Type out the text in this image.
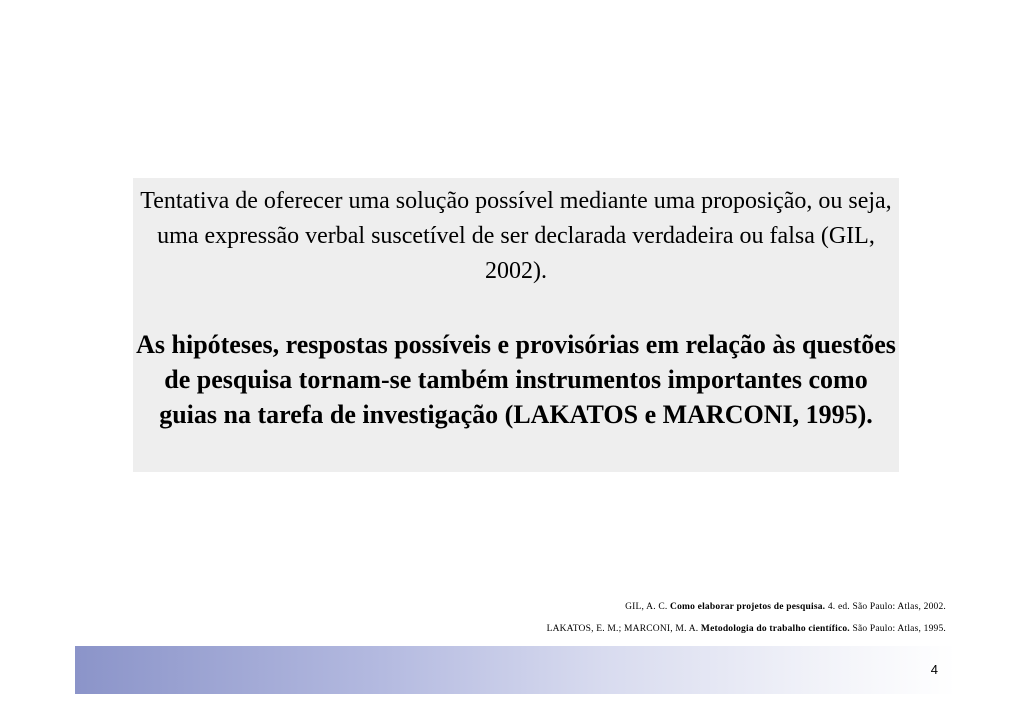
Tentativa de oferecer uma solução possível mediante uma proposição, ou seja, uma expressão verbal suscetível de ser declarada verdadeira ou falsa (GIL, 2002).

As hipóteses, respostas possíveis e provisórias em relação às questões de pesquisa tornam-se também instrumentos importantes como guias na tarefa de investigação (LAKATOS e MARCONI, 1995).

GIL, A. C. Como elaborar projetos de pesquisa. 4. ed. São Paulo: Atlas, 2002.

LAKATOS, E. M.; MARCONI, M. A. Metodologia do trabalho científico. São Paulo: Atlas, 1995.

4
